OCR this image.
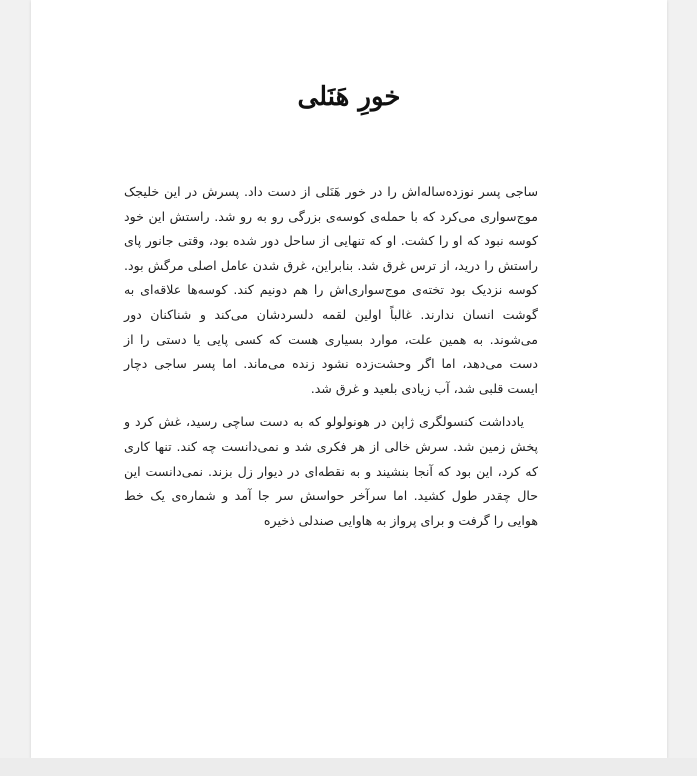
خورِ هَنَلی

ساجی پسر نوزده‌ساله‌اش را در خور هَنَلی از دست داد. پسرش در این خلیجک موج‌سواری می‌کرد که با حمله‌ی کوسه‌ی بزرگی رو به رو شد. راستش این خود کوسه نبود که او را کشت. او که تنهایی از ساحل دور شده بود، وقتی جانور پای راستش را درید، از ترس غرق شد. بنابراین، غرق شدن عامل اصلی مرگش بود. کوسه نزدیک بود تخته‌ی موج‌سواری‌اش را هم دونیم کند. کوسه‌ها علاقه‌ای به گوشت انسان ندارند. غالباً اولین لقمه دلسردشان می‌کند و شناکنان دور می‌شوند. به همین علت، موارد بسیاری هست که کسی پایی یا دستی را از دست می‌دهد، اما اگر وحشت‌زده نشود زنده می‌ماند. اما پسر ساجی دچار ایست قلبی شد، آب زیادی بلعید و غرق شد.

یادداشت کنسولگری ژاپن در هونولولو که به دست ساچی رسید، غش کرد و پخش زمین شد. سرش خالی از هر فکری شد و نمی‌دانست چه کند. تنها کاری که کرد، این بود که آنجا بنشیند و به نقطه‌ای در دیوار زل بزند. نمی‌دانست این حال چقدر طول کشید. اما سرآخر حواسش سر جا آمد و شماره‌ی یک خط هوایی را گرفت و برای پرواز به هاوایی صندلی ذخیره
